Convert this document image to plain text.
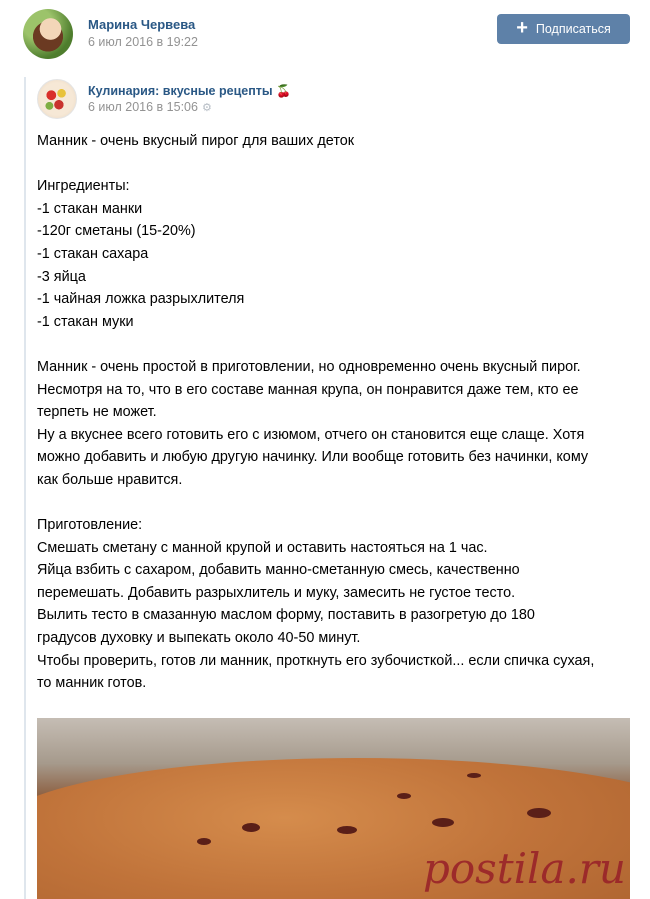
Марина Червева
6 июл 2016 в 19:22
+ Подписаться
Кулинария: вкусные рецепты 🍒
6 июл 2016 в 15:06 ⚙

Манник - очень вкусный пирог для ваших деток

Ингредиенты:

-1 стакан манки

-120г сметаны (15-20%)

-1 стакан сахара

-3 яйца

-1 чайная ложка разрыхлителя

-1 стакан муки

Манник - очень простой в приготовлении, но одновременно очень вкусный пирог.

Несмотря на то, что в его составе манная крупа, он понравится даже тем, кто ее

терпеть не может.

Ну а вкуснее всего готовить его с изюмом, отчего он становится еще слаще. Хотя

можно добавить и любую другую начинку. Или вообще готовить без начинки, кому

как больше нравится.

Приготовление:

Смешать сметану с манной крупой и оставить настояться на 1 час.

Яйца взбить с сахаром, добавить манно-сметанную смесь, качественно

перемешать. Добавить разрыхлитель и муку, замесить не густое тесто.

Вылить тесто в смазанную маслом форму, поставить в разогретую до 180

градусов духовку и выпекать около 40-50 минут.

Чтобы проверить, готов ли манник, проткнуть его зубочисткой... если спичка сухая,

то манник готов.

postila.ru
